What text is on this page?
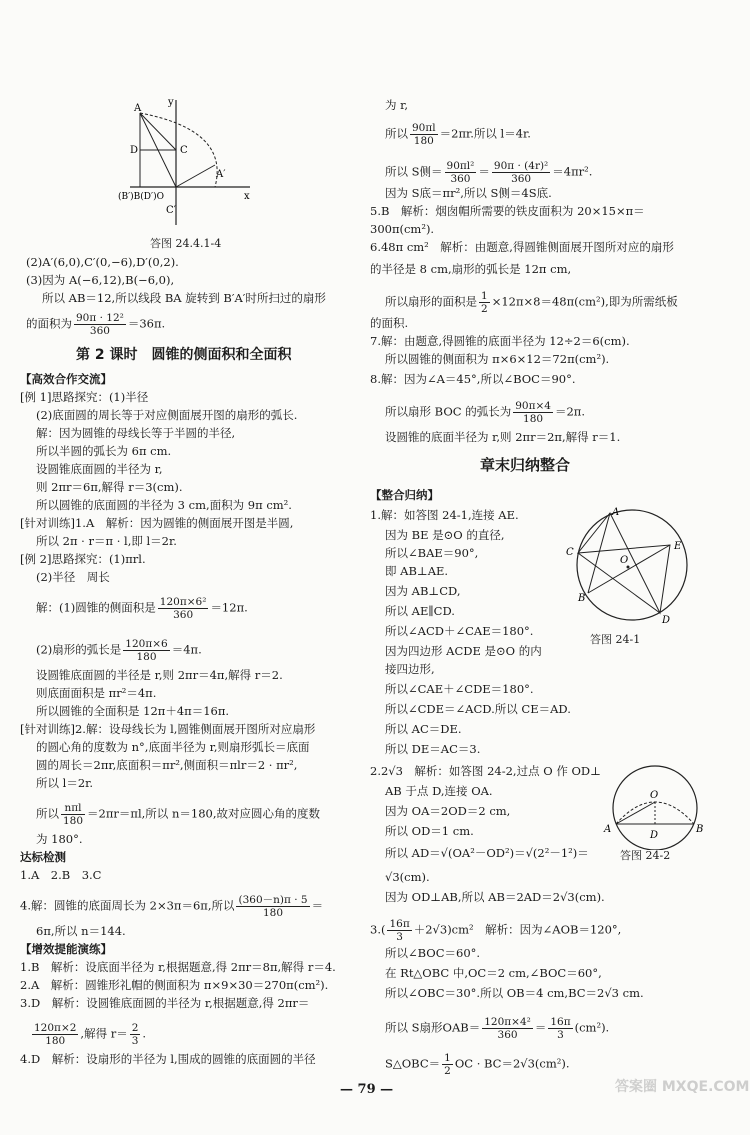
A
y
D	C
(B′)B(D′)O
A′
x
C′
答图 24.4.1-4
(2)A′(6,0),C′(0,−6),D′(0,2).
(3)因为 A(−6,12),B(−6,0),
所以 AB＝12,所以线段 BA 旋转到 B′A′时所扫过的扇形
的面积为 $\frac{\text{90π · 12²}}{360} =36\pi$.
第 2 课时　圆锥的侧面积和全面积
【高效合作交流】
[例 1]思路探究：(1)半径
(2)底面圆的周长等于对应侧面展开图的扇形的弧长.
解：因为圆锥的母线长等于半圆的半径,
所以半圆的弧长为 6π cm.
设圆锥底面圆的半径为 r,
则 2πr＝6π,解得 r＝3(cm).
所以圆锥的底面圆的半径为 3 cm,面积为 9π cm².
[针对训练]1.A　解析：因为圆锥的侧面展开图是半圆,
所以 2π · r＝π · l,即 l＝2r.
[例 2]思路探究：(1)πrl.
(2)半径　周长
解：(1)圆锥的侧面积是 $\frac{\text{120π×6²}}{360} =12\pi$.
(2)扇形的弧长是 $\frac{120\pi\times 6}{180} =4\pi$.
设圆锥底面圆的半径是 r,则 2πr＝4π,解得 r＝2.
则底面面积是 πr²＝4π.
所以圆锥的全面积是 12π＋4π＝16π.
[针对训练]2.解：设母线长为 l,圆锥侧面展开图所对应扇形
的圆心角的度数为 n°,底面半径为 r,则扇形弧长＝底面
圆的周长＝2πr,底面积＝πr²,侧面积＝πlr＝2 · πr²,
所以 l＝2r.
所以 $\frac{\text{nπl}}{180} =2\pi r=\pi l$,所以 n＝180,故对应圆心角的度数
为 180°.
达标检测
1.A　2.B　3.C
4.解：圆锥的底面周长为 2×3π＝6π,所以 $\frac{(360-n)\pi \cdot 5}{180}$ ＝
6π,所以 n＝144.
【增效提能演练】
1.B　解析：设底面半径为 r,根据题意,得 2πr＝8π,解得 r＝4.
2.A　解析：圆锥形礼帽的侧面积为 π×9×30＝270π(cm²).
3.D　解析：设圆锥底面圆的半径为 r,根据题意,得 2πr＝
$\frac{120\pi\times 2}{180}$ ,解得 $r= \frac{2}{3}$ .
4.D　解析：设扇形的半径为 l,围成的圆锥的底面圆的半径
为 r,
所以 $\frac{90\pi l}{180} =2\pi r$.所以 l＝4r.
所以 S侧＝ $\frac{\text{90πl²}}{360} = \frac{\text{90π · (4r)²}}{360} =4\pi r^2$.
因为 S底＝πr²,所以 S侧＝4S底.
5.B　解析：烟囱帽所需要的铁皮面积为 20×15×π＝
300π(cm²).
6.48π cm²　解析：由题意,得圆锥侧面展开图所对应的扇形
的半径是 8 cm,扇形的弧长是 12π cm,
所以扇形的面积是 $\frac{1}{2} \times 12\pi\times 8=48\pi(cm^2)$,即为所需纸板
的面积.
7.解：由题意,得圆锥的底面半径为 12÷2＝6(cm).
所以圆锥的侧面积为 π×6×12＝72π(cm²).
8.解：因为∠A＝45°,所以∠BOC＝90°.
所以扇形 BOC 的弧长为 $\frac{90\pi\times 4}{180} =2\pi$.
设圆锥的底面半径为 r,则 2πr＝2π,解得 r＝1.
章末归纳整合
【整合归纳】
1.解：如答图 24-1,连接 AE.
因为 BE 是⊙O 的直径,
所以∠BAE＝90°,
即 AB⊥AE.
因为 AB⊥CD,
所以 AE∥CD.
所以∠ACD＋∠CAE＝180°.
因为四边形 ACDE 是⊙O 的内
接四边形,
所以∠CAE＋∠CDE＝180°.
所以∠CDE＝∠ACD.所以 CE＝AD.
所以 AC＝DE.
所以 DE＝AC＝3.
A
C
E
O
B
D
答图 24-1
2.2√3　解析：如答图 24-2,过点 O 作 OD⊥
AB 于点 D,连接 OA.
因为 OA＝2OD＝2 cm,
所以 OD＝1 cm.
所以 AD＝√(OA²－OD²)＝√(2²－1²)＝
√3(cm).
因为 OD⊥AB,所以 AB＝2AD＝2√3(cm).
O
A
D
B
答图 24-2
$3.( \frac{16\pi}{3} +2√3)cm^2$　解析：因为∠AOB＝120°,
所以∠BOC＝60°.
在 Rt△OBC 中,OC＝2 cm,∠BOC＝60°,
所以∠OBC＝30°.所以 OB＝4 cm,BC＝2√3 cm.
所以 S扇形$OAB= \frac{\text{120π×4²}}{360} = \frac{16\pi}{3} (cm^2)$.
S△OBC＝ $\frac{1}{2}$ OC · BC＝2√3(cm²).
— 79 —	答案圈 MXQE.COM
